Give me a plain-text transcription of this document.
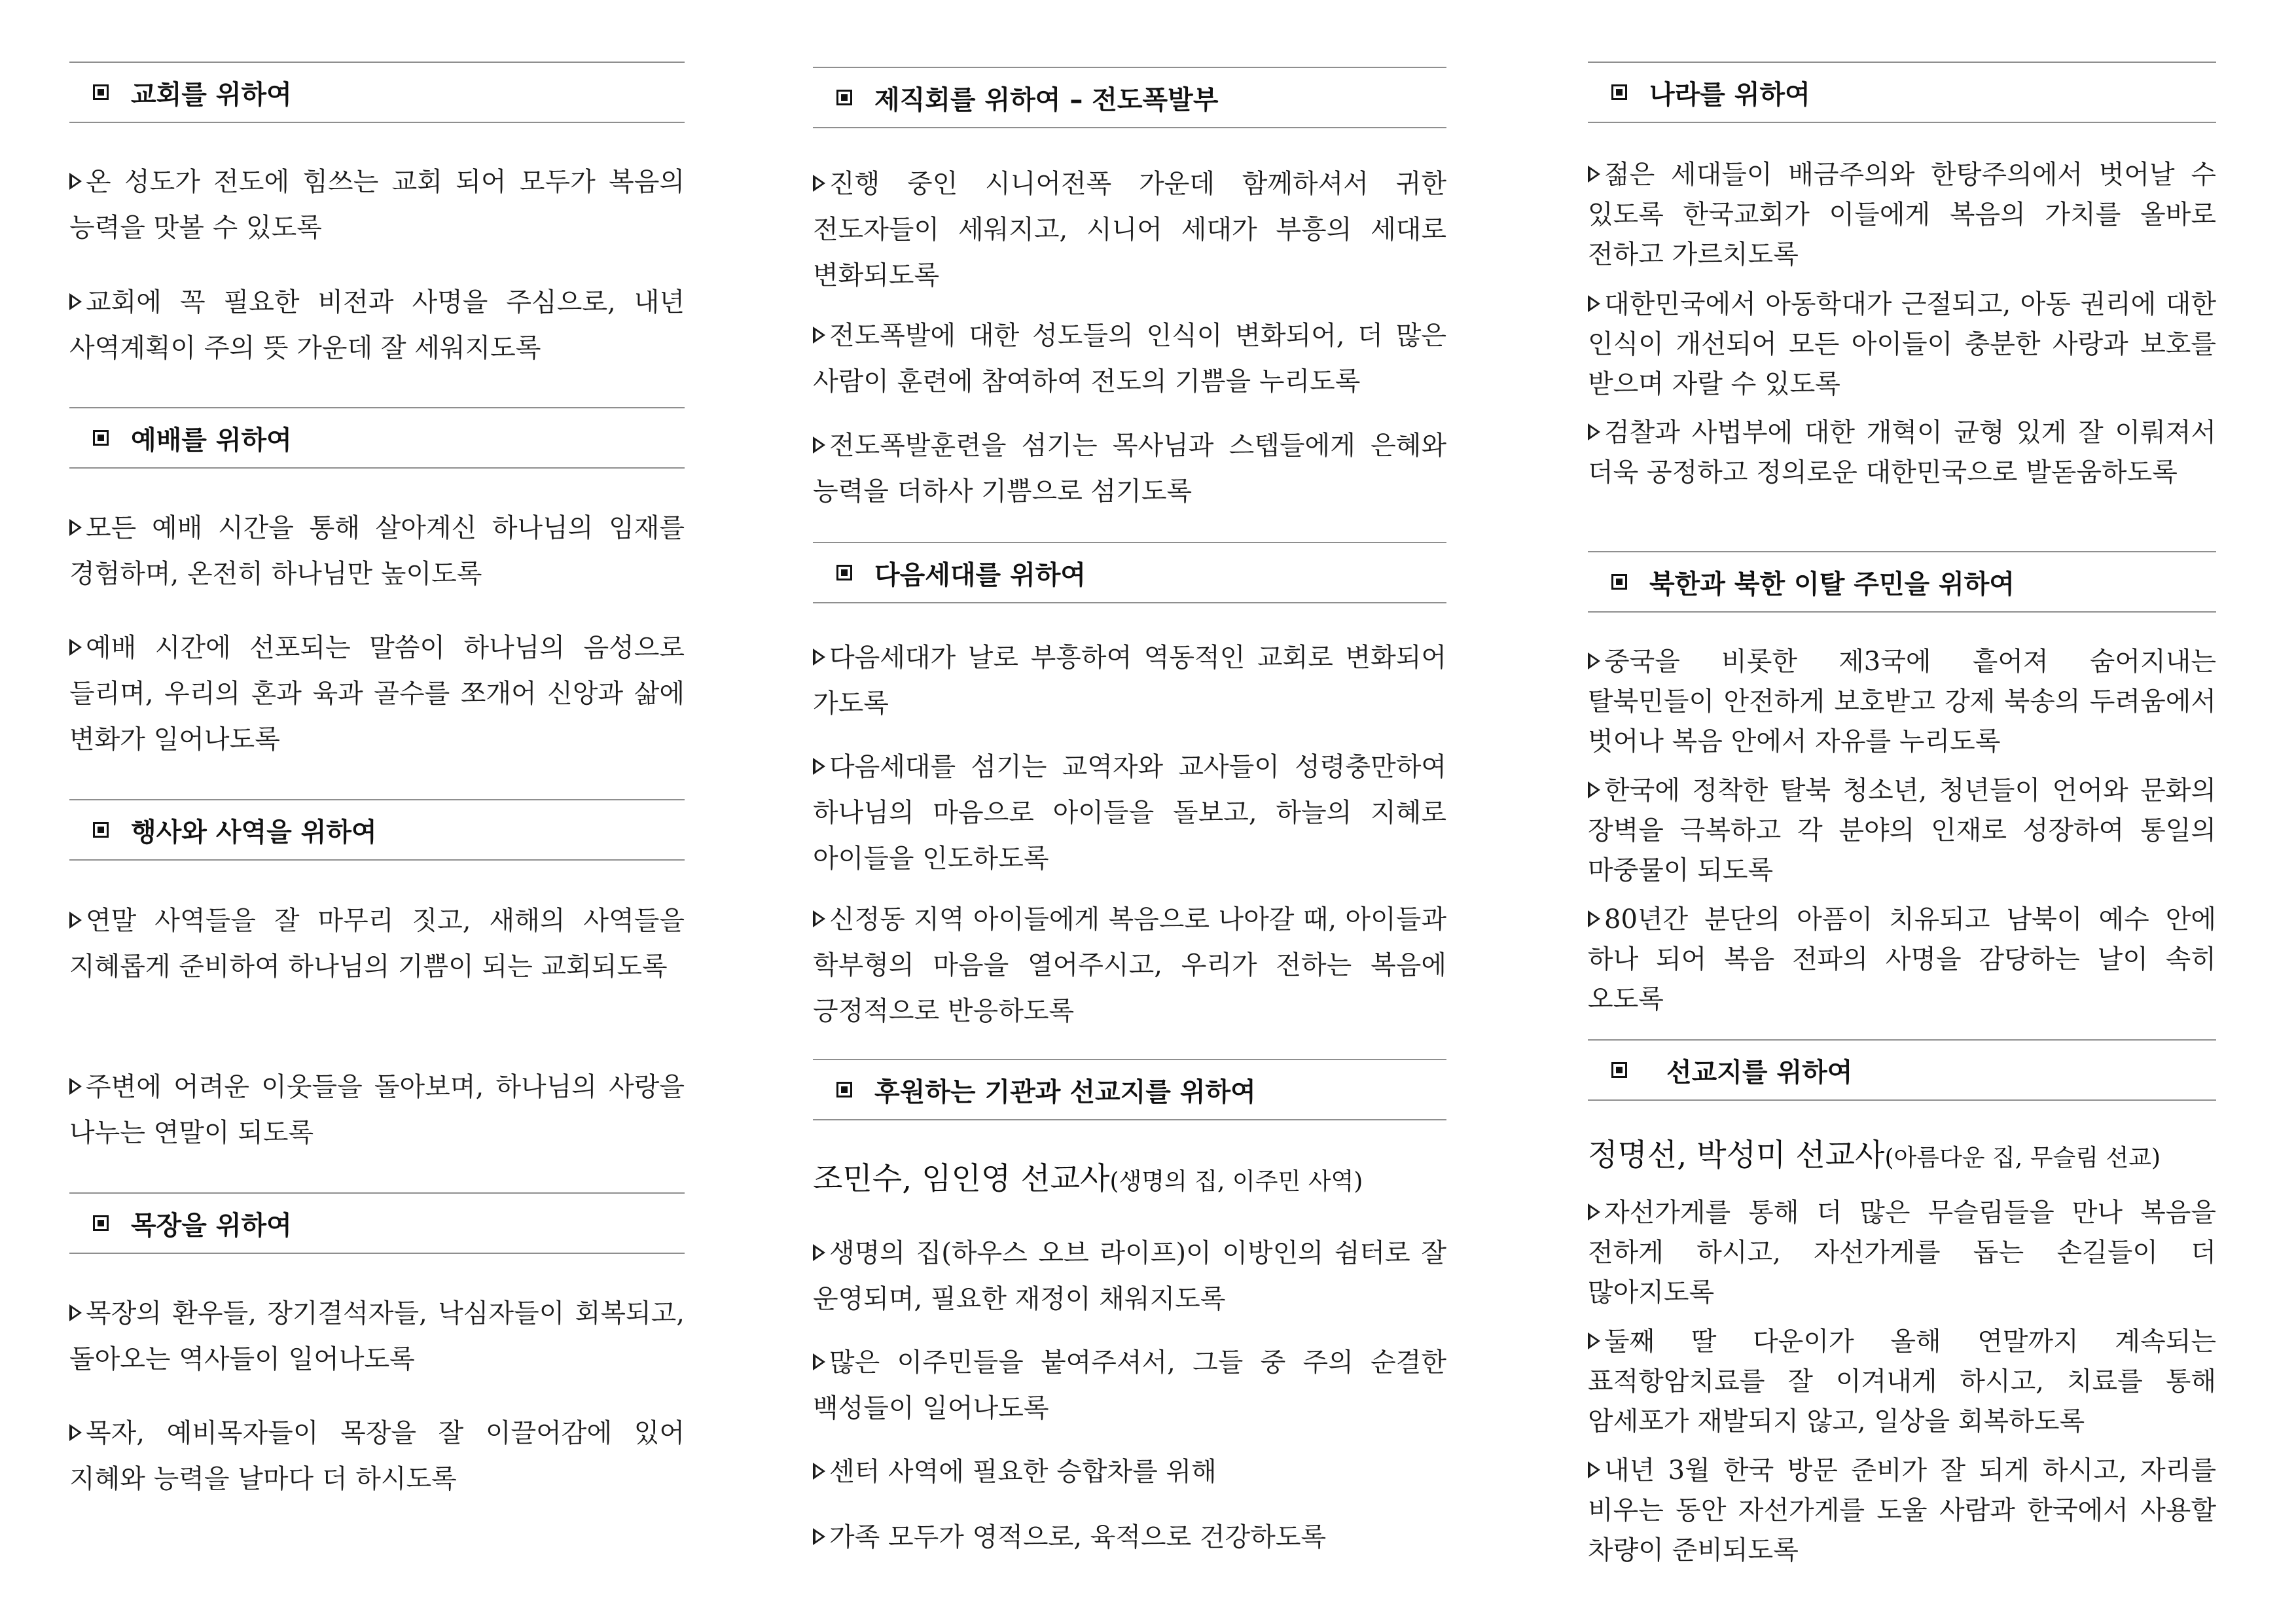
교회를 위하여
온 성도가 전도에 힘쓰는 교회 되어 모두가 복음의 능력을 맛볼 수 있도록
교회에 꼭 필요한 비전과 사명을 주심으로, 내년 사역계획이 주의 뜻 가운데 잘 세워지도록
예배를 위하여
모든 예배 시간을 통해 살아계신 하나님의 임재를 경험하며, 온전히 하나님만 높이도록
예배 시간에 선포되는 말씀이 하나님의 음성으로 들리며, 우리의 혼과 육과 골수를 쪼개어 신앙과 삶에 변화가 일어나도록
행사와 사역을 위하여
연말 사역들을 잘 마무리 짓고, 새해의 사역들을 지혜롭게 준비하여 하나님의 기쁨이 되는 교회되도록
주변에 어려운 이웃들을 돌아보며, 하나님의 사랑을 나누는 연말이 되도록
목장을 위하여
목장의 환우들, 장기결석자들, 낙심자들이 회복되고, 돌아오는 역사들이 일어나도록
목자, 예비목자들이 목장을 잘 이끌어감에 있어 지혜와 능력을 날마다 더 하시도록
제직회를 위하여 – 전도폭발부
진행 중인 시니어전폭 가운데 함께하셔서 귀한 전도자들이 세워지고, 시니어 세대가 부흥의 세대로 변화되도록
전도폭발에 대한 성도들의 인식이 변화되어, 더 많은 사람이 훈련에 참여하여 전도의 기쁨을 누리도록
전도폭발훈련을 섬기는 목사님과 스텝들에게 은혜와 능력을 더하사 기쁨으로 섬기도록
다음세대를 위하여
다음세대가 날로 부흥하여 역동적인 교회로 변화되어 가도록
다음세대를 섬기는 교역자와 교사들이 성령충만하여 하나님의 마음으로 아이들을 돌보고, 하늘의 지혜로 아이들을 인도하도록
신정동 지역 아이들에게 복음으로 나아갈 때, 아이들과 학부형의 마음을 열어주시고, 우리가 전하는 복음에 긍정적으로 반응하도록
후원하는 기관과 선교지를 위하여
조민수, 임인영 선교사(생명의 집, 이주민 사역)
생명의 집(하우스 오브 라이프)이 이방인의 쉼터로 잘 운영되며, 필요한 재정이 채워지도록
많은 이주민들을 붙여주셔서, 그들 중 주의 순결한 백성들이 일어나도록
센터 사역에 필요한 승합차를 위해
가족 모두가 영적으로, 육적으로 건강하도록
나라를 위하여
젊은 세대들이 배금주의와 한탕주의에서 벗어날 수 있도록 한국교회가 이들에게 복음의 가치를 올바로 전하고 가르치도록
대한민국에서 아동학대가 근절되고, 아동 권리에 대한 인식이 개선되어 모든 아이들이 충분한 사랑과 보호를 받으며 자랄 수 있도록
검찰과 사법부에 대한 개혁이 균형 있게 잘 이뤄져서 더욱 공정하고 정의로운 대한민국으로 발돋움하도록
북한과 북한 이탈 주민을 위하여
중국을 비롯한 제3국에 흩어져 숨어지내는 탈북민들이 안전하게 보호받고 강제 북송의 두려움에서 벗어나 복음 안에서 자유를 누리도록
한국에 정착한 탈북 청소년, 청년들이 언어와 문화의 장벽을 극복하고 각 분야의 인재로 성장하여 통일의 마중물이 되도록
80년간 분단의 아픔이 치유되고 남북이 예수 안에 하나 되어 복음 전파의 사명을 감당하는 날이 속히 오도록
선교지를 위하여
정명선, 박성미 선교사(아름다운 집, 무슬림 선교)
자선가게를 통해 더 많은 무슬림들을 만나 복음을 전하게 하시고, 자선가게를 돕는 손길들이 더 많아지도록
둘째 딸 다운이가 올해 연말까지 계속되는 표적항암치료를 잘 이겨내게 하시고, 치료를 통해 암세포가 재발되지 않고, 일상을 회복하도록
내년 3월 한국 방문 준비가 잘 되게 하시고, 자리를 비우는 동안 자선가게를 도울 사람과 한국에서 사용할 차량이 준비되도록
